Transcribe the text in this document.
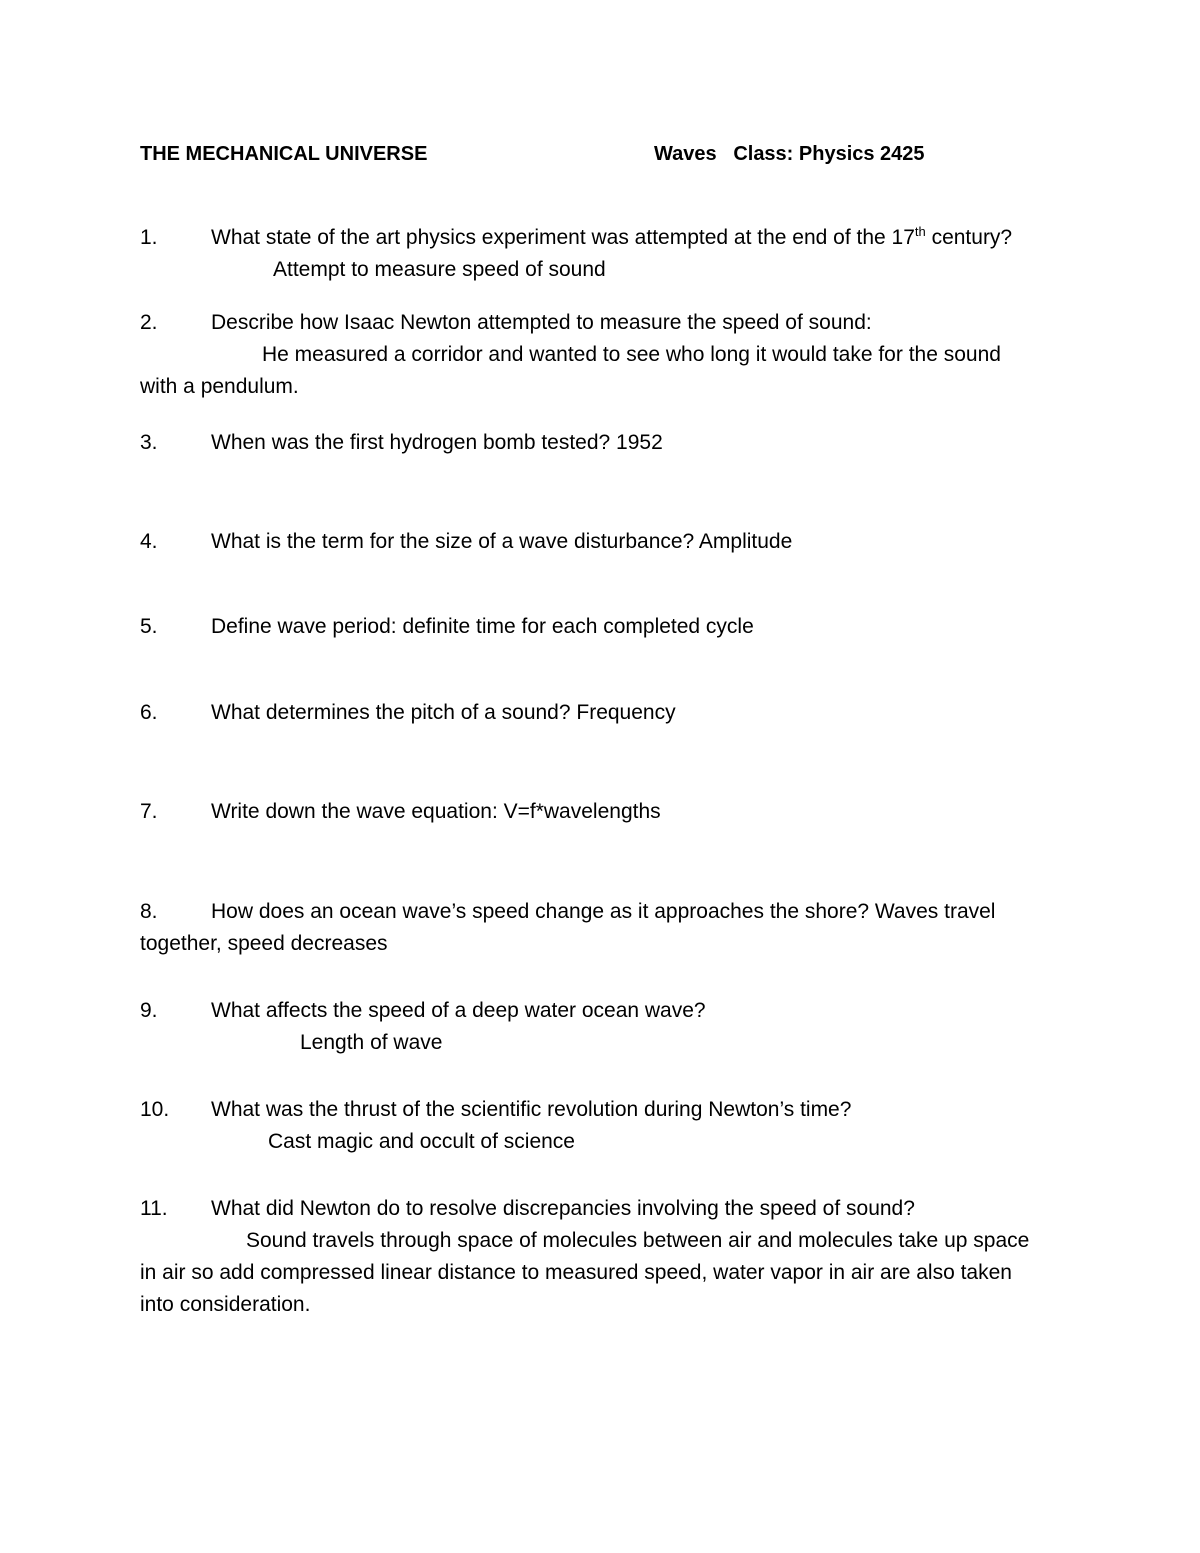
THE MECHANICAL UNIVERSE	Waves Class: Physics 2425
1.	What state of the art physics experiment was attempted at the end of the 17th century?
Attempt to measure speed of sound
2.	Describe how Isaac Newton attempted to measure the speed of sound:
He measured a corridor and wanted to see who long it would take for the sound
with a pendulum.
3.	When was the first hydrogen bomb tested? 1952
4.	What is the term for the size of a wave disturbance? Amplitude
5.	Define wave period: definite time for each completed cycle
6.	What determines the pitch of a sound? Frequency
7.	Write down the wave equation: V=f*wavelengths
8.	How does an ocean wave’s speed change as it approaches the shore? Waves travel
together, speed decreases
9.	What affects the speed of a deep water ocean wave?
Length of wave
10. What was the thrust of the scientific revolution during Newton’s time?
Cast magic and occult of science
11. What did Newton do to resolve discrepancies involving the speed of sound?
Sound travels through space of molecules between air and molecules take up space
in air so add compressed linear distance to measured speed, water vapor in air are also taken
into consideration.
